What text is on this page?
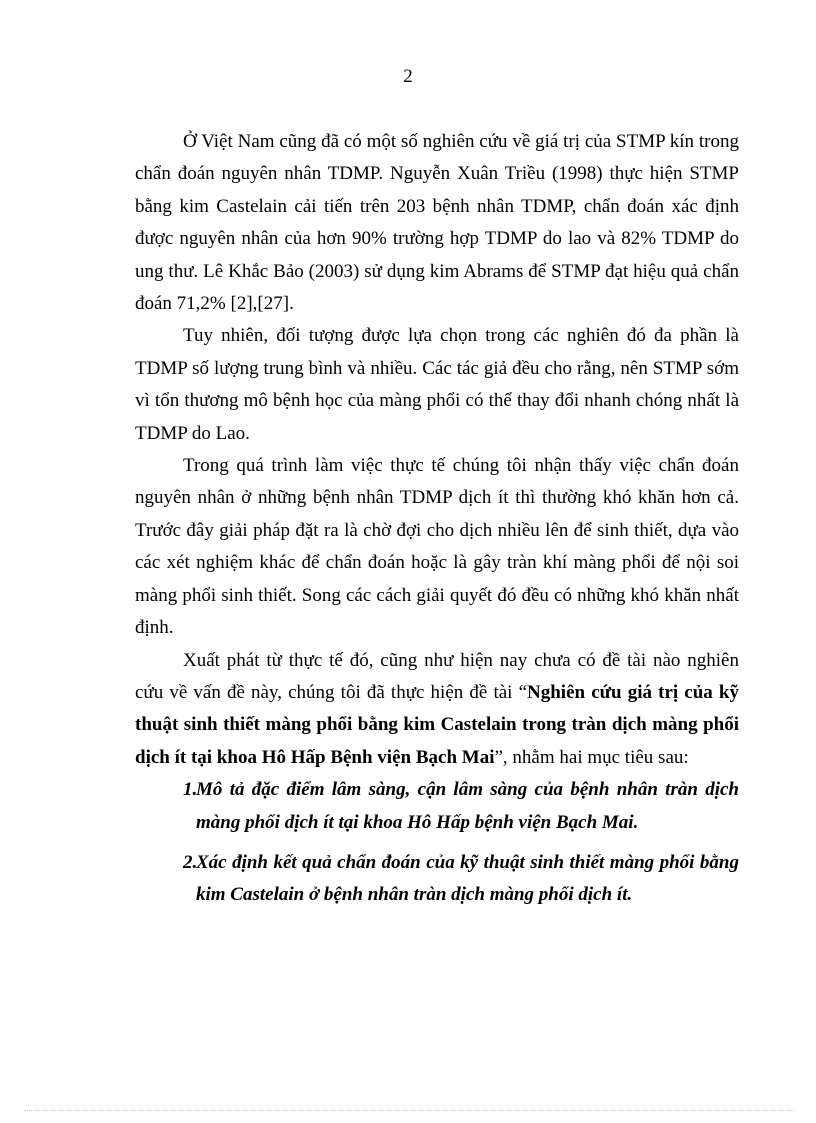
2

Ở Việt Nam cũng đã có một số nghiên cứu về giá trị của STMP kín trong chẩn đoán nguyên nhân TDMP. Nguyễn Xuân Triều (1998) thực hiện STMP bằng kim Castelain cải tiến trên 203 bệnh nhân TDMP, chẩn đoán xác định được nguyên nhân của hơn 90% trường hợp TDMP do lao và 82% TDMP do ung thư. Lê Khắc Bảo (2003) sử dụng kim Abrams để STMP đạt hiệu quả chẩn đoán 71,2% [2],[27].

Tuy nhiên, đối tượng được lựa chọn trong các nghiên đó đa phần là TDMP số lượng trung bình và nhiều. Các tác giả đều cho rằng, nên STMP sớm vì tổn thương mô bệnh học của màng phổi có thể thay đổi nhanh chóng nhất là TDMP do Lao.

Trong quá trình làm việc thực tế chúng tôi nhận thấy việc chẩn đoán nguyên nhân ở những bệnh nhân TDMP dịch ít thì thường khó khăn hơn cả. Trước đây giải pháp đặt ra là chờ đợi cho dịch nhiều lên để sinh thiết, dựa vào các xét nghiệm khác để chẩn đoán hoặc là gây tràn khí màng phổi để nội soi màng phổi sinh thiết. Song các cách giải quyết đó đều có những khó khăn nhất định.

Xuất phát từ thực tế đó, cũng như hiện nay chưa có đề tài nào nghiên cứu về vấn đề này, chúng tôi đã thực hiện đề tài “Nghiên cứu giá trị của kỹ thuật sinh thiết màng phổi bằng kim Castelain trong tràn dịch màng phổi dịch ít tại khoa Hô Hấp Bệnh viện Bạch Mai”, nhằm hai mục tiêu sau:

1.
Mô tả đặc điểm lâm sàng, cận lâm sàng của bệnh nhân tràn dịch màng phổi dịch ít tại khoa Hô Hấp bệnh viện Bạch Mai.
2.
Xác định kết quả chẩn đoán của kỹ thuật sinh thiết màng phổi bằng kim Castelain ở bệnh nhân tràn dịch màng phổi dịch ít.
